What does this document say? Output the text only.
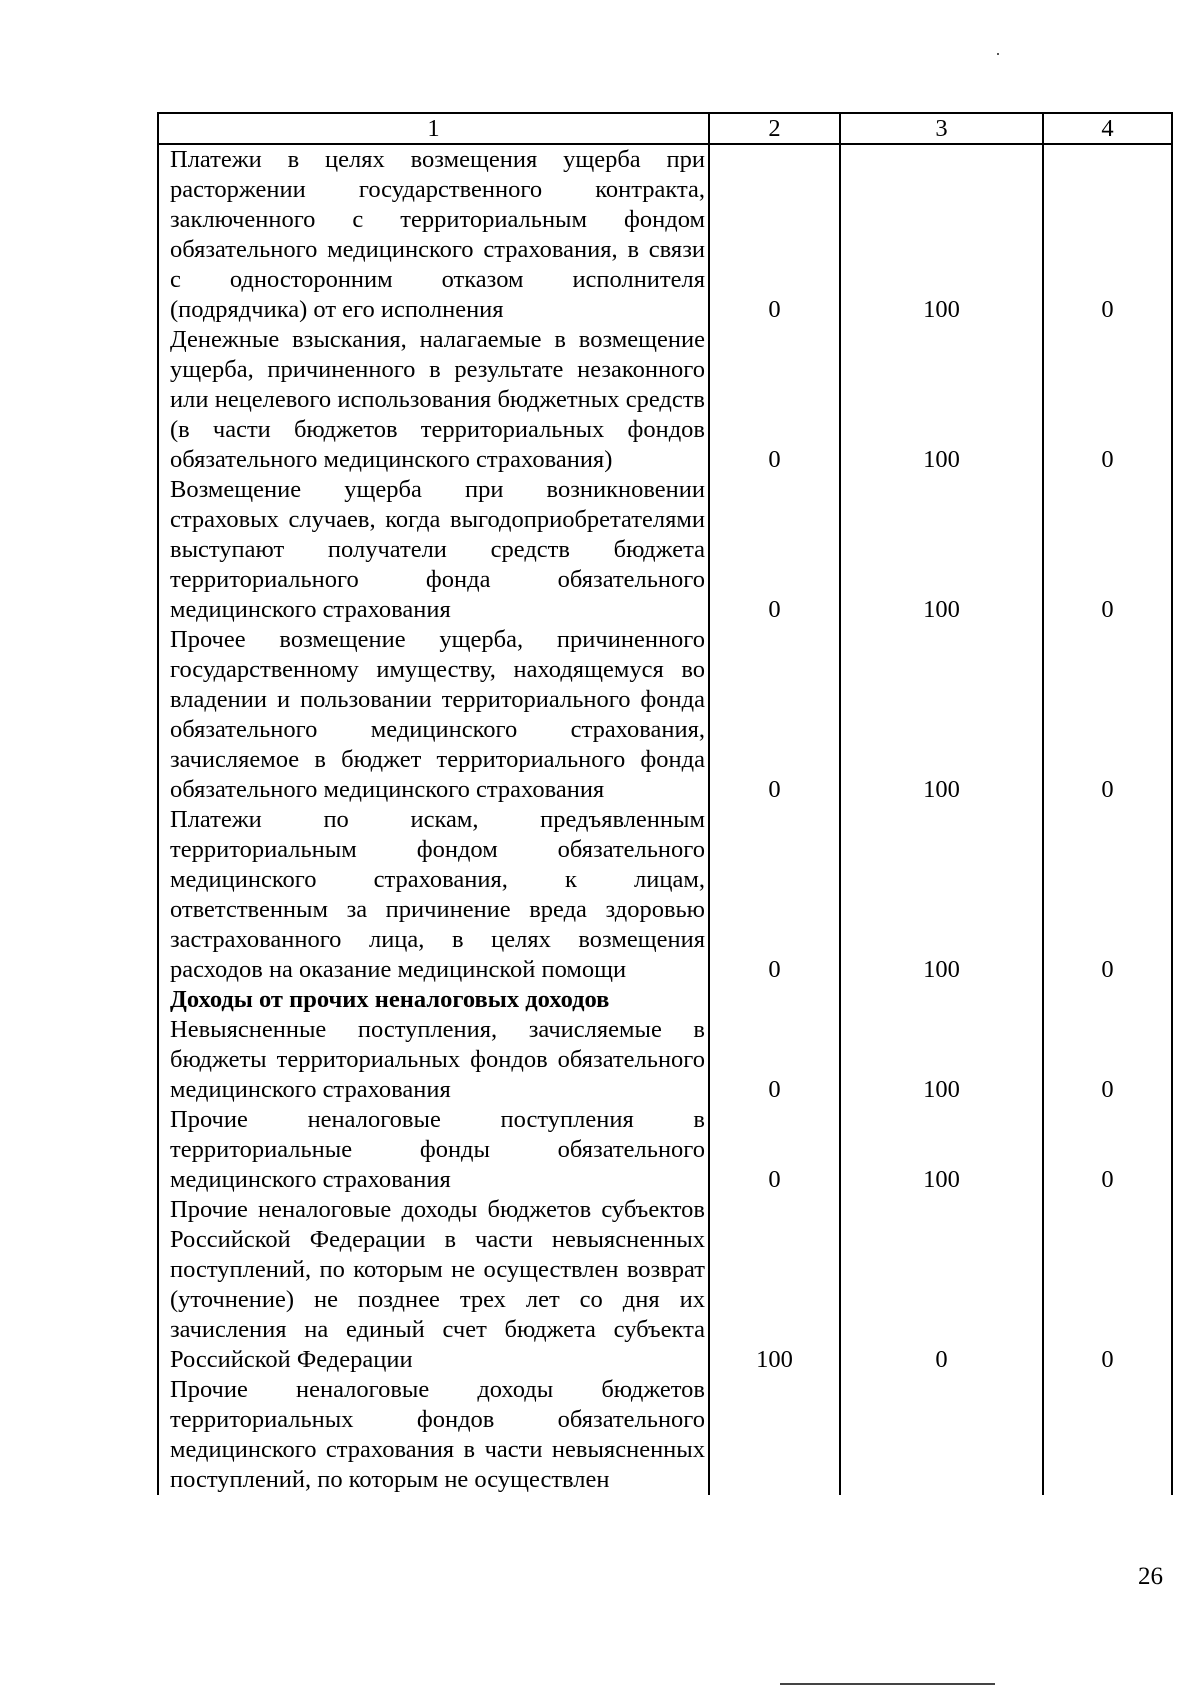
1	2	3	4
Платежи в целях возмещения ущерба при расторжении государственного контракта, заключенного с территориальным фондом обязательного медицинского страхования, в связи с односторонним отказом исполнителя (подрядчика) от его исполнения	0	100	0
Денежные взыскания, налагаемые в возмещение ущерба, причиненного в результате незаконного или нецелевого использования бюджетных средств (в части бюджетов территориальных фондов обязательного медицинского страхования)	0	100	0
Возмещение ущерба при возникновении страховых случаев, когда выгодоприобретателями выступают получатели средств бюджета территориального фонда обязательного медицинского страхования	0	100	0
Прочее возмещение ущерба, причиненного государственному имуществу, находящемуся во владении и пользовании территориального фонда обязательного медицинского страхования, зачисляемое в бюджет территориального фонда обязательного медицинского страхования	0	100	0
Платежи по искам, предъявленным территориальным фондом обязательного медицинского страхования, к лицам, ответственным за причинение вреда здоровью застрахованного лица, в целях возмещения расходов на оказание медицинской помощи	0	100	0
Доходы от прочих неналоговых доходов			
Невыясненные поступления, зачисляемые в бюджеты территориальных фондов обязательного медицинского страхования	0	100	0
Прочие неналоговые поступления в территориальные фонды обязательного медицинского страхования	0	100	0
Прочие неналоговые доходы бюджетов субъектов Российской Федерации в части невыясненных поступлений, по которым не осуществлен возврат (уточнение) не позднее трех лет со дня их зачисления на единый счет бюджета субъекта Российской Федерации	100	0	0
Прочие неналоговые доходы бюджетов территориальных фондов обязательного медицинского страхования в части невыясненных поступлений, по которым не осуществлен			
26
